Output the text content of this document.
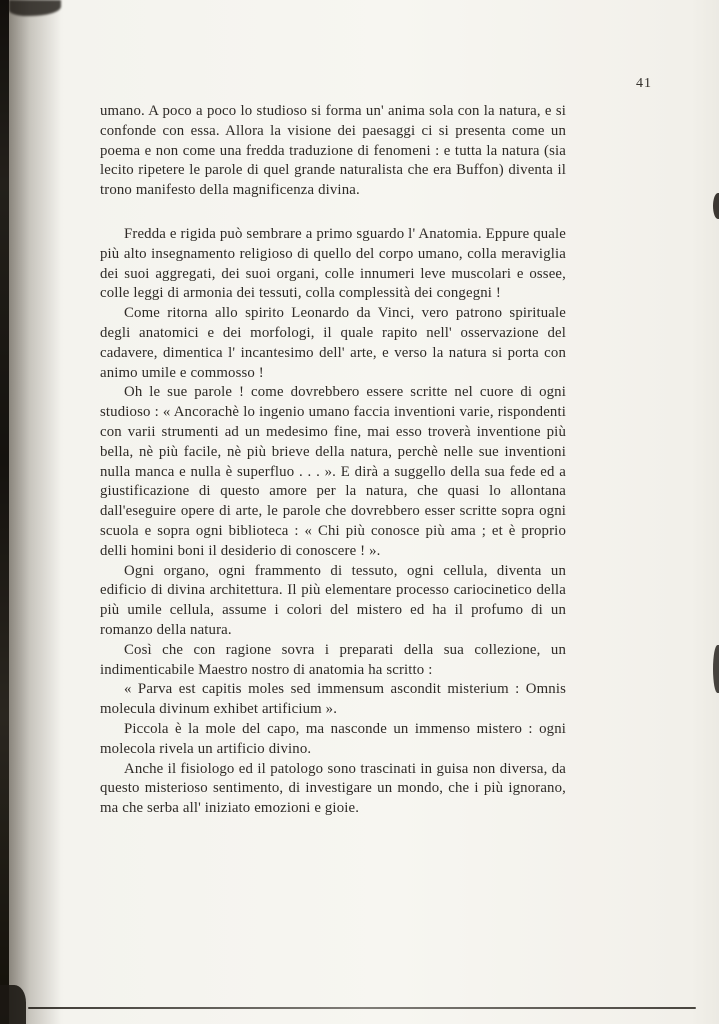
41

umano. A poco a poco lo studioso si forma un' anima sola con la natura, e si confonde con essa. Allora la visione dei paesaggi ci si presenta come un poema e non come una fredda traduzione di fenomeni : e tutta la natura (sia lecito ripetere le parole di quel grande naturalista che era Buffon) diventa il trono manifesto della magnificenza divina.

Fredda e rigida può sembrare a primo sguardo l' Anatomia. Eppure quale più alto insegnamento religioso di quello del corpo umano, colla meraviglia dei suoi aggregati, dei suoi organi, colle innumeri leve muscolari e ossee, colle leggi di armonia dei tessuti, colla complessità dei congegni !

Come ritorna allo spirito Leonardo da Vinci, vero patrono spirituale degli anatomici e dei morfologi, il quale rapito nell' osservazione del cadavere, dimentica l' incantesimo dell' arte, e verso la natura si porta con animo umile e commosso !

Oh le sue parole ! come dovrebbero essere scritte nel cuore di ogni studioso : « Ancorachè lo ingenio umano faccia inventioni varie, rispondenti con varii strumenti ad un medesimo fine, mai esso troverà inventione più bella, nè più facile, nè più brieve della natura, perchè nelle sue inventioni nulla manca e nulla è superfluo . . . ». E dirà a suggello della sua fede ed a giustificazione di questo amore per la natura, che quasi lo allontana dall'eseguire opere di arte, le parole che dovrebbero esser scritte sopra ogni scuola e sopra ogni biblioteca : « Chi più conosce più ama ; et è proprio delli homini boni il desiderio di conoscere ! ».

Ogni organo, ogni frammento di tessuto, ogni cellula, diventa un edificio di divina architettura. Il più elementare processo cariocinetico della più umile cellula, assume i colori del mistero ed ha il profumo di un romanzo della natura.

Così che con ragione sovra i preparati della sua collezione, un indimenticabile Maestro nostro di anatomia ha scritto :

« Parva est capitis moles sed immensum ascondit misterium : Omnis molecula divinum exhibet artificium ».

Piccola è la mole del capo, ma nasconde un immenso mistero : ogni molecola rivela un artificio divino.

Anche il fisiologo ed il patologo sono trascinati in guisa non diversa, da questo misterioso sentimento, di investigare un mondo, che i più ignorano, ma che serba all' iniziato emozioni e gioie.
